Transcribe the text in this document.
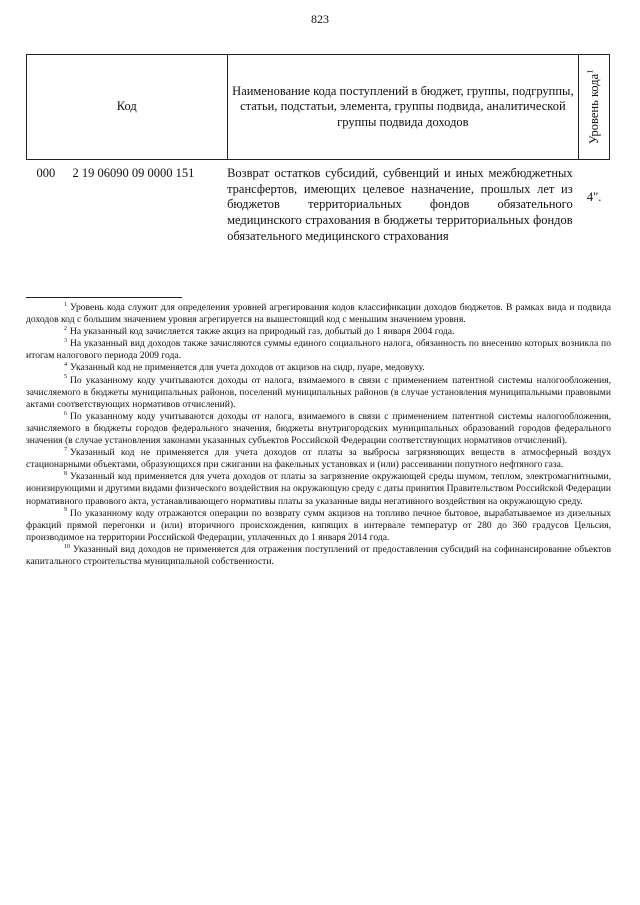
823
Код	Наименование кода поступлений в бюджет, группы, подгруппы, статьи, подстатьи, элемента, группы подвида, аналитической группы подвида доходов	Уровень кода$^1$

000 2 19 06090 09 0000 151	Возврат остатков субсидий, субвенций и иных межбюджетных трансфертов, имеющих целевое назначение, прошлых лет из бюджетов территориальных фондов обязательного медицинского страхования в бюджеты территориальных фондов обязательного медицинского страхования	4".

$^1$ Уровень кода служит для определения уровней агрегирования кодов классификации доходов бюджетов. В рамках вида и подвида доходов код с большим значением уровня агрегируется на вышестоящий код с меньшим значением уровня.

$^2$ На указанный код зачисляется также акциз на природный газ, добытый до 1 января 2004 года.

$^3$ На указанный вид доходов также зачисляются суммы единого социального налога, обязанность по внесению которых возникла по итогам налогового периода 2009 года.

$^4$ Указанный код не применяется для учета доходов от акцизов на сидр, пуаре, медовуху.

$^5$ По указанному коду учитываются доходы от налога, взимаемого в связи с применением патентной системы налогообложения, зачисляемого в бюджеты муниципальных районов, поселений муниципальных районов (в случае установления муниципальными правовыми актами соответствующих нормативов отчислений).

$^6$ По указанному коду учитываются доходы от налога, взимаемого в связи с применением патентной системы налогообложения, зачисляемого в бюджеты городов федерального значения, бюджеты внутригородских муниципальных образований городов федерального значения (в случае установления законами указанных субъектов Российской Федерации соответствующих нормативов отчислений).

$^7$ Указанный код не применяется для учета доходов от платы за выбросы загрязняющих веществ в атмосферный воздух стационарными объектами, образующихся при сжигании на факельных установках и (или) рассеивании попутного нефтяного газа.

$^8$ Указанный код применяется для учета доходов от платы за загрязнение окружающей среды шумом, теплом, электромагнитными, ионизирующими и другими видами физического воздействия на окружающую среду с даты принятия Правительством Российской Федерации нормативного правового акта, устанавливающего нормативы платы за указанные виды негативного воздействия на окружающую среду.

$^9$ По указанному коду отражаются операции по возврату сумм акцизов на топливо печное бытовое, вырабатываемое из дизельных фракций прямой перегонки и (или) вторичного происхождения, кипящих в интервале температур от 280 до 360 градусов Цельсия, производимое на территории Российской Федерации, уплаченных до 1 января 2014 года.

$^{10}$ Указанный вид доходов не применяется для отражения поступлений от предоставления субсидий на софинансирование объектов капитального строительства муниципальной собственности.
